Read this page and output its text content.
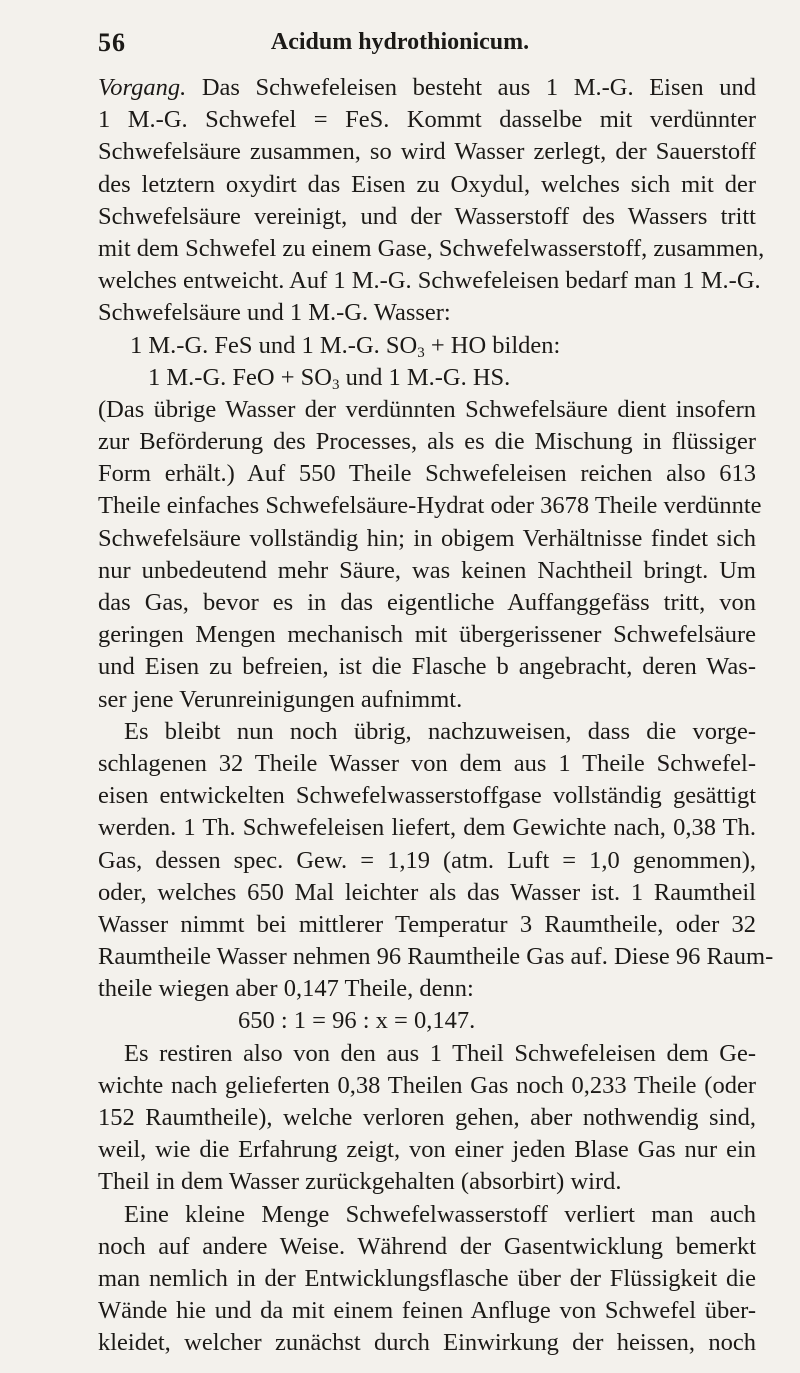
56	Acidum hydrothionicum.
Vorgang. Das Schwefeleisen besteht aus 1 M.-G. Eisen und
1 M.-G. Schwefel = FeS. Kommt dasselbe mit verdünnter
Schwefelsäure zusammen, so wird Wasser zerlegt, der Sauerstoff
des letztern oxydirt das Eisen zu Oxydul, welches sich mit der
Schwefelsäure vereinigt, und der Wasserstoff des Wassers tritt
mit dem Schwefel zu einem Gase, Schwefelwasserstoff, zusammen,
welches entweicht. Auf 1 M.-G. Schwefeleisen bedarf man 1 M.-G.
Schwefelsäure und 1 M.-G. Wasser:
1 M.-G. FeS und 1 M.-G. $SO_3$ + HO bilden:
1 M.-G. FeO + $SO_3$ und 1 M.-G. HS.
(Das übrige Wasser der verdünnten Schwefelsäure dient insofern
zur Beförderung des Processes, als es die Mischung in flüssiger
Form erhält.) Auf 550 Theile Schwefeleisen reichen also 613
Theile einfaches Schwefelsäure-Hydrat oder 3678 Theile verdünnte
Schwefelsäure vollständig hin; in obigem Verhältnisse findet sich
nur unbedeutend mehr Säure, was keinen Nachtheil bringt. Um
das Gas, bevor es in das eigentliche Auffanggefäss tritt, von
geringen Mengen mechanisch mit übergerissener Schwefelsäure
und Eisen zu befreien, ist die Flasche b angebracht, deren Was-
ser jene Verunreinigungen aufnimmt.
Es bleibt nun noch übrig, nachzuweisen, dass die vorge-
schlagenen 32 Theile Wasser von dem aus 1 Theile Schwefel-
eisen entwickelten Schwefelwasserstoffgase vollständig gesättigt
werden. 1 Th. Schwefeleisen liefert, dem Gewichte nach, 0,38 Th.
Gas, dessen spec. Gew. = 1,19 (atm. Luft = 1,0 genommen),
oder, welches 650 Mal leichter als das Wasser ist. 1 Raumtheil
Wasser nimmt bei mittlerer Temperatur 3 Raumtheile, oder 32
Raumtheile Wasser nehmen 96 Raumtheile Gas auf. Diese 96 Raum-
theile wiegen aber 0,147 Theile, denn:
650 : 1 = 96 : x = 0,147.
Es restiren also von den aus 1 Theil Schwefeleisen dem Ge-
wichte nach gelieferten 0,38 Theilen Gas noch 0,233 Theile (oder
152 Raumtheile), welche verloren gehen, aber nothwendig sind,
weil, wie die Erfahrung zeigt, von einer jeden Blase Gas nur ein
Theil in dem Wasser zurückgehalten (absorbirt) wird.
Eine kleine Menge Schwefelwasserstoff verliert man auch
noch auf andere Weise. Während der Gasentwicklung bemerkt
man nemlich in der Entwicklungsflasche über der Flüssigkeit die
Wände hie und da mit einem feinen Anfluge von Schwefel über-
kleidet, welcher zunächst durch Einwirkung der heissen, noch
